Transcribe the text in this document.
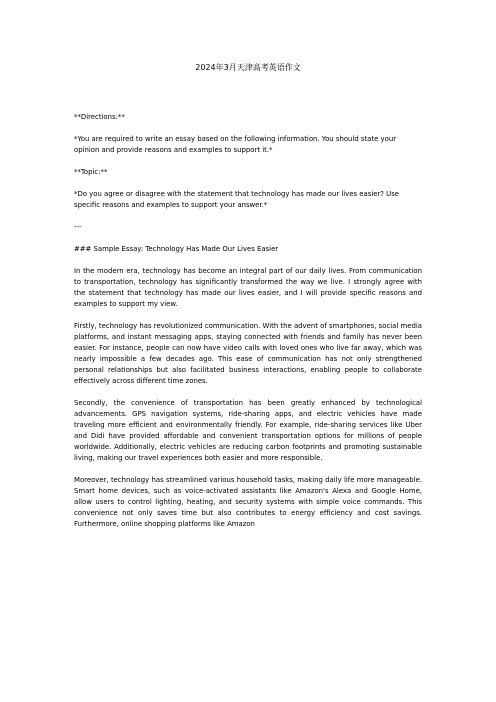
2024年3月天津高考英语作文

**Directions:**

*You are required to write an essay based on the following information. You should state your opinion and provide reasons and examples to support it.*

**Topic:**

*Do you agree or disagree with the statement that technology has made our lives easier? Use specific reasons and examples to support your answer.*

---

### Sample Essay: Technology Has Made Our Lives Easier

In the modern era, technology has become an integral part of our daily lives. From communication to transportation, technology has significantly transformed the way we live. I strongly agree with the statement that technology has made our lives easier, and I will provide specific reasons and examples to support my view.

Firstly, technology has revolutionized communication. With the advent of smartphones, social media platforms, and instant messaging apps, staying connected with friends and family has never been easier. For instance, people can now have video calls with loved ones who live far away, which was nearly impossible a few decades ago. This ease of communication has not only strengthened personal relationships but also facilitated business interactions, enabling people to collaborate effectively across different time zones.

Secondly, the convenience of transportation has been greatly enhanced by technological advancements. GPS navigation systems, ride-sharing apps, and electric vehicles have made traveling more efficient and environmentally friendly. For example, ride-sharing services like Uber and Didi have provided affordable and convenient transportation options for millions of people worldwide. Additionally, electric vehicles are reducing carbon footprints and promoting sustainable living, making our travel experiences both easier and more responsible.

Moreover, technology has streamlined various household tasks, making daily life more manageable. Smart home devices, such as voice-activated assistants like Amazon's Alexa and Google Home, allow users to control lighting, heating, and security systems with simple voice commands. This convenience not only saves time but also contributes to energy efficiency and cost savings. Furthermore, online shopping platforms like Amazon
